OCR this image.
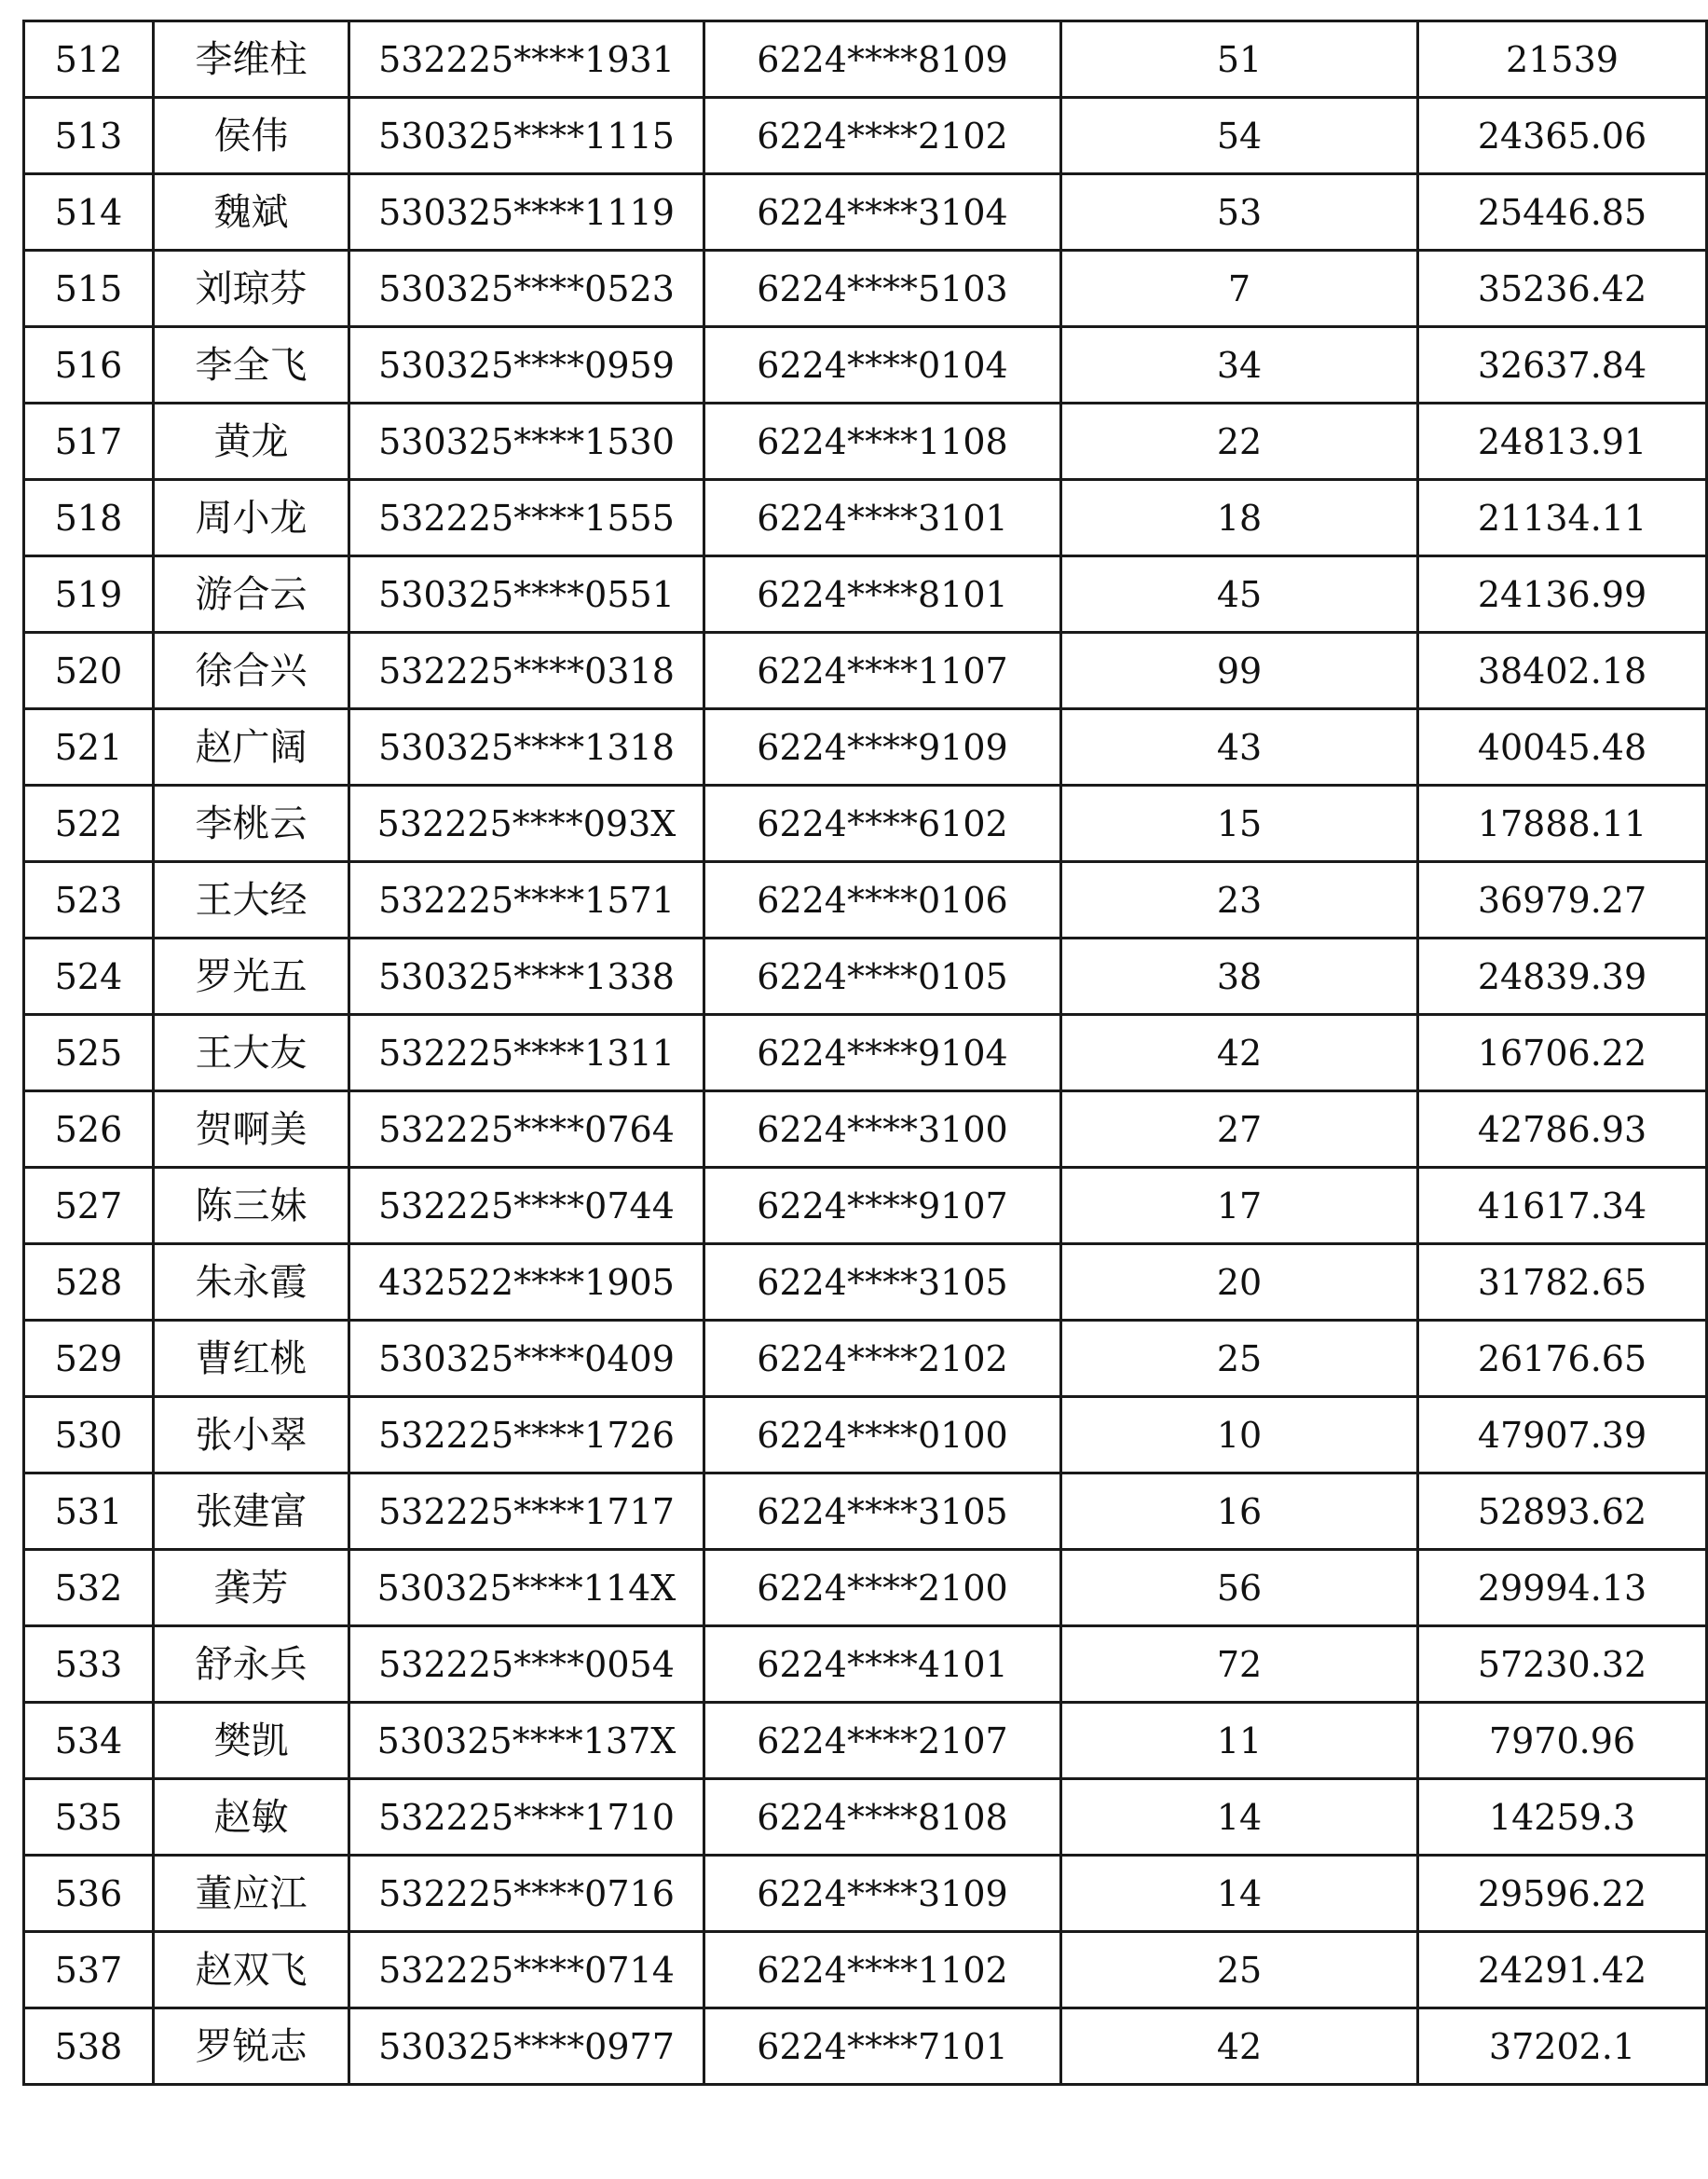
512	李维柱	532225****1931	6224****8109	51	21539
513	侯伟	530325****1115	6224****2102	54	24365.06
514	魏斌	530325****1119	6224****3104	53	25446.85
515	刘琼芬	530325****0523	6224****5103	7	35236.42
516	李全飞	530325****0959	6224****0104	34	32637.84
517	黄龙	530325****1530	6224****1108	22	24813.91
518	周小龙	532225****1555	6224****3101	18	21134.11
519	游合云	530325****0551	6224****8101	45	24136.99
520	徐合兴	532225****0318	6224****1107	99	38402.18
521	赵广阔	530325****1318	6224****9109	43	40045.48
522	李桃云	532225****093X	6224****6102	15	17888.11
523	王大经	532225****1571	6224****0106	23	36979.27
524	罗光五	530325****1338	6224****0105	38	24839.39
525	王大友	532225****1311	6224****9104	42	16706.22
526	贺啊美	532225****0764	6224****3100	27	42786.93
527	陈三妹	532225****0744	6224****9107	17	41617.34
528	朱永霞	432522****1905	6224****3105	20	31782.65
529	曹红桃	530325****0409	6224****2102	25	26176.65
530	张小翠	532225****1726	6224****0100	10	47907.39
531	张建富	532225****1717	6224****3105	16	52893.62
532	龚芳	530325****114X	6224****2100	56	29994.13
533	舒永兵	532225****0054	6224****4101	72	57230.32
534	樊凯	530325****137X	6224****2107	11	7970.96
535	赵敏	532225****1710	6224****8108	14	14259.3
536	董应江	532225****0716	6224****3109	14	29596.22
537	赵双飞	532225****0714	6224****1102	25	24291.42
538	罗锐志	530325****0977	6224****7101	42	37202.1
